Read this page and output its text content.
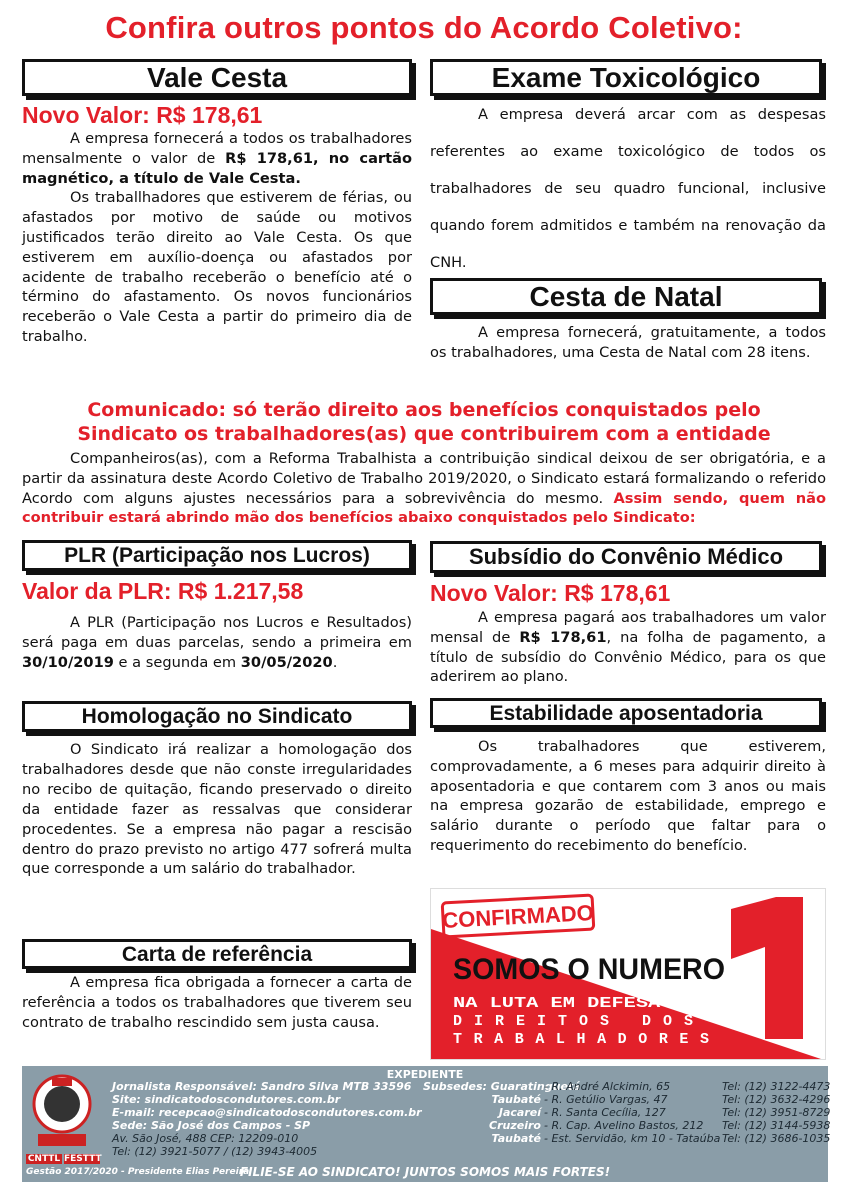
Confira outros pontos do Acordo Coletivo:
Vale Cesta
Novo Valor: R$ 178,61

A empresa fornecerá a todos os trabalhadores mensalmente o valor de R$ 178,61, no cartão magnético, a título de Vale Cesta.

Os traballhadores que estiverem de férias, ou afastados por motivo de saúde ou motivos justificados terão direito ao Vale Cesta. Os que estiverem em auxílio-doença ou afastados por acidente de trabalho receberão o benefício até o término do afastamento. Os novos funcionários receberão o Vale Cesta a partir do primeiro dia de trabalho.

Exame Toxicológico

A empresa deverá arcar com as despesas referentes ao exame toxicológico de todos os trabalhadores de seu quadro funcional, inclusive quando forem admitidos e também na renovação da CNH.

Cesta de Natal

A empresa fornecerá, gratuitamente, a todos os trabalhadores, uma Cesta de Natal com 28 itens.

Comunicado: só terão direito aos benefícios conquistados pelo
Sindicato os trabalhadores(as) que contribuirem com a entidade

Companheiros(as), com a Reforma Trabalhista a contribuição sindical deixou de ser obrigatória, e a partir da assinatura deste Acordo Coletivo de Trabalho 2019/2020, o Sindicato estará formalizando o referido Acordo com alguns ajustes necessários para a sobrevivência do mesmo. Assim sendo, quem não contribuir estará abrindo mão dos benefícios abaixo conquistados pelo Sindicato:

PLR (Participação nos Lucros)
Valor da PLR: R$ 1.217,58

A PLR (Participação nos Lucros e Resultados) será paga em duas parcelas, sendo a primeira em 30/10/2019 e a segunda em 30/05/2020.

Subsídio do Convênio Médico
Novo Valor: R$ 178,61

A empresa pagará aos trabalhadores um valor mensal de R$ 178,61, na folha de pagamento, a título de subsídio do Convênio Médico, para os que aderirem ao plano.

Homologação no Sindicato

O Sindicato irá realizar a homologação dos trabalhadores desde que não conste irregularidades no recibo de quitação, ficando preservado o direito da entidade fazer as ressalvas que considerar procedentes. Se a empresa não pagar a rescisão dentro do prazo previsto no artigo 477 sofrerá multa que corresponde a um salário do trabalhador.

Estabilidade aposentadoria

Os trabalhadores que estiverem, comprovadamente, a 6 meses para adquirir direito à aposentadoria e que contarem com 3 anos ou mais na empresa gozarão de estabilidade, emprego e salário durante o período que faltar para o requerimento do recebimento do benefício.

Carta de referência

A empresa fica obrigada a fornecer a carta de referência a todos os trabalhadores que tiverem seu contrato de trabalho rescindido sem justa causa.

CONFIRMADO
SOMOS O NUMERO
NA LUTA EM DEFESA DOS
DIREITOS DOS
TRABALHADORES
EXPEDIENTE
CNTTL FESTTT
Gestão 2017/2020 - Presidente Elias Pereira
Jornalista Responsável: Sandro Silva MTB 33596
Site: sindicatodoscondutores.com.br
E-mail: recepcao@sindicatodoscondutores.com.br
Sede: São José dos Campos - SP
Av. São José, 488 CEP: 12209-010
Tel: (12) 3921-5077 / (12) 3943-4005
Subsedes: Guaratinguetá
- R. André Alckimin, 65	Tel: (12) 3122-4473
Taubaté - R. Getúlio Vargas, 47	Tel: (12) 3632-4296
Jacareí - R. Santa Cecília, 127	Tel: (12) 3951-8729
Cruzeiro - R. Cap. Avelino Bastos, 212 Tel: (12) 3144-5938
Taubaté - Est. Servidão, km 10 - Tataúba Tel: (12) 3686-1035
FILIE-SE AO SINDICATO! JUNTOS SOMOS MAIS FORTES!
